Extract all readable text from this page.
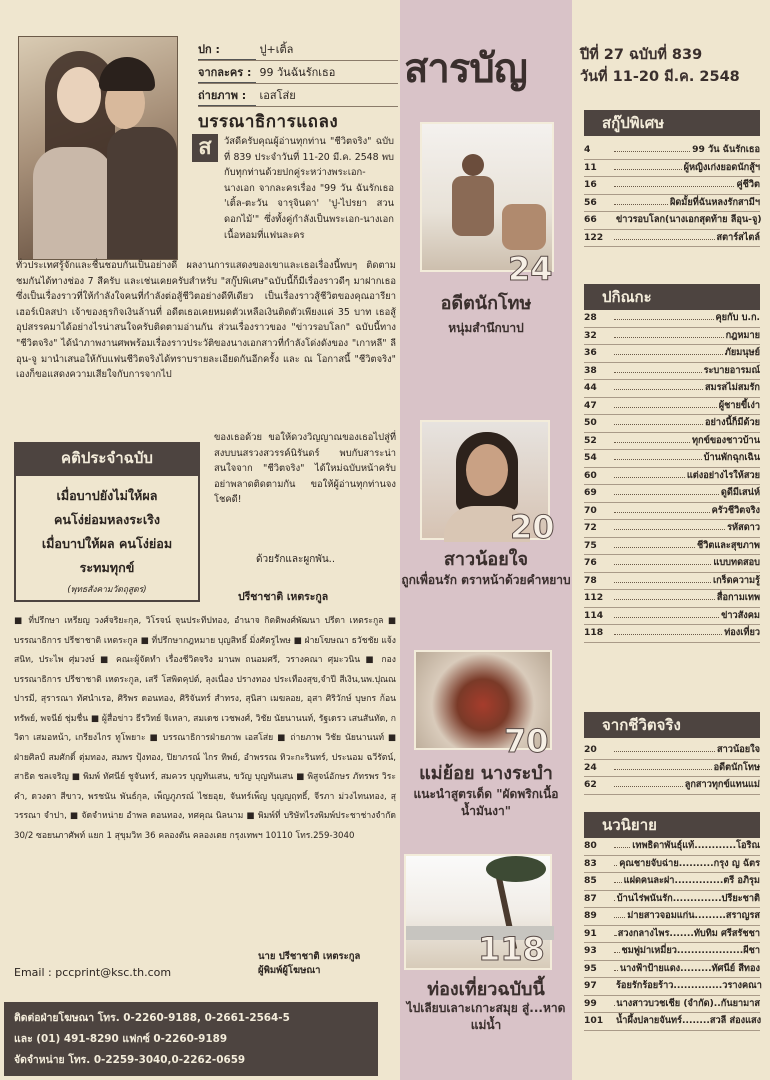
ปก :	ปู+เติ้ล
จากละคร : 99 วันฉันรักเธอ
ถ่ายภาพ : เอสโส่ย
บรรณาธิการแถลง
ส	วัสดีครับคุณผู้อ่านทุกท่าน "ชีวิตจริง" ฉบับที่ 839 ประจำวันที่ 11-20 มี.ค. 2548 พบกับทุกท่านด้วยปกคู่ระหว่างพระเอก-นางเอก จากละครเรื่อง "99 วัน ฉันรักเธอ 'เติ้ล-ตะวัน จารุจินดา' 'ปู-ไปรยา สวนดอกไม้'" ซึ่งทั้งคู่กำลังเป็นพระเอก-นางเอกเนื้อหอมที่แฟนละคร
ทั่วประเทศรู้จักและชื่นชอบกันเป็นอย่างดี ผลงานการแสดงของเขาและเธอเรื่องนี้พบๆ ติดตามชมกันได้ทางช่อง 7 สีครับ และเช่นเคยครับสำหรับ "สกู๊ปพิเศษ"ฉบับนี้ก็มีเรื่องราวดีๆ มาฝากเธอซึ่งเป็นเรื่องราวที่ให้กำลังใจคนที่กำลังต่อสู้ชีวิตอย่างดีทีเดียว เป็นเรื่องราวสู้ชีวิตของคุณอารียา เฮอร์เบิลสปา เจ้าของธุรกิจเงินล้านที่ อดีตเธอเคยหมดตัวเหลือเงินติดตัวเพียงแค่ 35 บาท เธอสู้อุปสรรคมาได้อย่างไรน่าสนใจครับติดตามอ่านกัน ส่วนเรื่องราวของ "ข่าวรอบโลก" ฉบับนี้ทาง "ชีวิตจริง" ได้นำภาพงานศพพร้อมเรื่องราวประวัติของนางเอกสาวที่กำลังโด่งดังของ "เกาหลี" ลี อุน-จู มานำเสนอให้กับแฟนชีวิตจริงได้ทราบรายละเอียดกันอีกครั้ง และ ณ โอกาสนี้ "ชีวิตจริง" เองก็ขอแสดงความเสียใจกับการจากไป
ของเธอด้วย ขอให้ดวงวิญญาณของเธอไปสู่ที่สงบบนสรวงสวรรค์นิรันดร์ พบกับสาระน่าสนใจจาก "ชีวิตจริง" ได้ใหม่ฉบับหน้าครับ อย่าพลาดติดตามกัน ขอให้ผู้อ่านทุกท่านจงโชคดี!
ด้วยรักและผูกพัน..
ปรีชาชาติ เหตระกูล
คติประจำฉบับ
เมื่อบาปยังไม่ให้ผล
คนโง่ย่อมหลงระเริง
เมื่อบาปให้ผล คนโง่ย่อม
ระทมทุกข์
(พุทธสังคามวัตถุสูตร)
■ ที่ปรึกษา เหรียญ วงศ์จริยะกุล, วิโรจน์ จุนประทีปทอง, อำนาจ กิตติพงศ์พัฒนา ปรีดา เหตระกูล ■ บรรณาธิการ ปรีชาชาติ เหตระกูล ■ ที่ปรึกษากฎหมาย บุญสิทธิ์ มิ่งศัตรูไพษ ■ ฝ่ายโฆษณา ธวัชชัย แจ้งสนิท, ประไพ ศุ่มวงษ์ ■ คณะผู้จัดทำ เรื่องชีวิตจริง มานพ ถนอมศรี, วรางคณา ศุมะวนิน ■ กองบรรณาธิการ ปรีชาชาติ เหตระกูล, เสรี โสพิตคุปต์, ลุงเนื่อง ปรางทอง ประเทืองสุข,จำปี สีเงิน,นพ.ปุณณ ปารมี, สุรารณา ทัศนำเรอ, ศิริพร ดอนทอง, ศิริจันทร์ สำทรง, สุนิสา เมฆลอย, อุสา ศิริวักษ์ บุษกร ก้อนทรัพย์, พจนีย์ ชุ่มชื่น ■ ผู้สื่อข่าว ธีรวิทย์ จิเหลา, สมเดช เวชพงศ์, วิชัย นัยนานนท์, รัฐเดรว เสนสันทัด, กวิตา เสมอหน้า, เกรียงไกร ทูโพยาะ ■ บรรณาธิการฝ่ายภาพ เอสโส่ย ■ ถ่ายภาพ วิชัย นัยนานนท์ ■ ฝ่ายศิลป์ สมศักดิ์ ตุ่มทอง, สมพร ปุ้งทอง, ปิยาภรณ์ ไกร ทิพย์, อำพรรณ ทิวะกะรินทร์, ประนอม ฉวีรัตน์, สาธิต ชลเจริญ ■ พิมพ์ ทัศนีย์ ชูจันทร์, สมควร บุญทันเสน, ขวัญ บุญทันเสน ■ พิสูจน์อักษร ภัทรพร วิระคำ, ดวงตา สีขาว, พรชนัน พันธ์กุล, เพ็ญภูภรณ์ ไชยอุย, จันทร์เพ็ญ บุญญฤทธิ์, จีรภา ม่วงไทนทอง, สุวรรณา จำปา, ■ จัดจำหน่าย อำพล ดอนทอง, ทศคุณ นิลนาม ■ พิมพ์ที่ บริษัทไรงพิมพ์ประชาช่างจำกัด 30/2 ซอยนภาศัพท์ แยก 1 สุขุมวิท 36 คลองตัน คลองเตย กรุงเทพฯ 10110 โทร.259-3040
Email : pccprint@ksc.th.com
นาย ปรีชาชาติ เหตระกูล
ผู้พิมพ์ผู้โฆษณา
ติดต่อฝ่ายโฆษณา โทร. 0-2260-9188, 0-2661-2564-5
และ (01) 491-8290 แฟกซ์ 0-2260-9189
จัดจำหน่าย โทร. 0-2259-3040,0-2262-0659
สารบัญ
24
อดีตนักโทษ
หนุ่มสำนึกบาป
20
สาวน้อยใจ
ถูกเพื่อนรัก ตราหน้าด้วยคำหยาบ
70
แม่ย้อย นางระบำ
แนะนำสูตรเด็ด "ผัดพริกเนื้อน้ำมันงา"
118
ท่องเที่ยวฉบับนี้
ไปเลียบเลาะเกาะสมุย สู่...หาดแม่น้ำ
ปีที่ 27 ฉบับที่ 839
วันที่ 11-20 มี.ค. 2548
สกู๊ปพิเศษ
4	99 วัน ฉันรักเธอ
11	ผู้หญิงเก่งยอดนักสู้ฯ
16	คู่ชีวิต
56	ผิดมั้ยที่ฉันหลงรักสามีฯ
66	ข่าวรอบโลก(นางเอกสุดท้าย ลีอุน-จู)
122	สตาร์สไตล์
ปกิณกะ
28	คุยกับ บ.ก.
32	กฎหมาย
36	ภัยมนุษย์
38	ระบายอารมณ์
44	สมรสไม่สมรัก
47	ผู้ชายขี้เง่า
50	อย่างนี้ก็มีด้วย
52	ทุกข์ของชาวบ้าน
54	บ้านพักฉุกเฉิน
60	แต่งอย่างไรให้สวย
69	ดูดีมีเสน่ห์
70	ครัวชีวิตจริง
72	รหัสดาว
75	ชีวิตและสุขภาพ
76	แบบทดสอบ
78	เกร็ดความรู้
112	สื่อกามเทพ
114	ข่าวสังคม
118	ท่องเที่ยว
จากชีวิตจริง
20	สาวน้อยใจ
24	อดีตนักโทษ
62	ลูกสาวทุกข์แทนแม่
นวนิยาย
80	เทพธิดาพันธุ์แท้............โอริณ
83	คุณชายจับฉ่าย..........กรุง ญ ฉัตร
85	แฝดคนละฝา..............ตรี อภิรุม
87	บ้านไร่พนันรัก..............ปรียะชาติ
89	ม่ายสาวจอมแก่น.........สราญรส
91	สวงกลางไพร.......ทับทิม ศรีสรัชชา
93	ชมพู่ม่าเหมี่ยว...................ผีชา
95	นางฟ้าป้ายแดง.........ทัศนีย์ สีทอง
97	ร้อยรักร้อยร้าว..............วรางคณา
99	นางสาวบวชเชีย (จำกัด)..กันยามาส
101	น้ำผึ้งปลายจันทร์........สวลี ส่องแสง
